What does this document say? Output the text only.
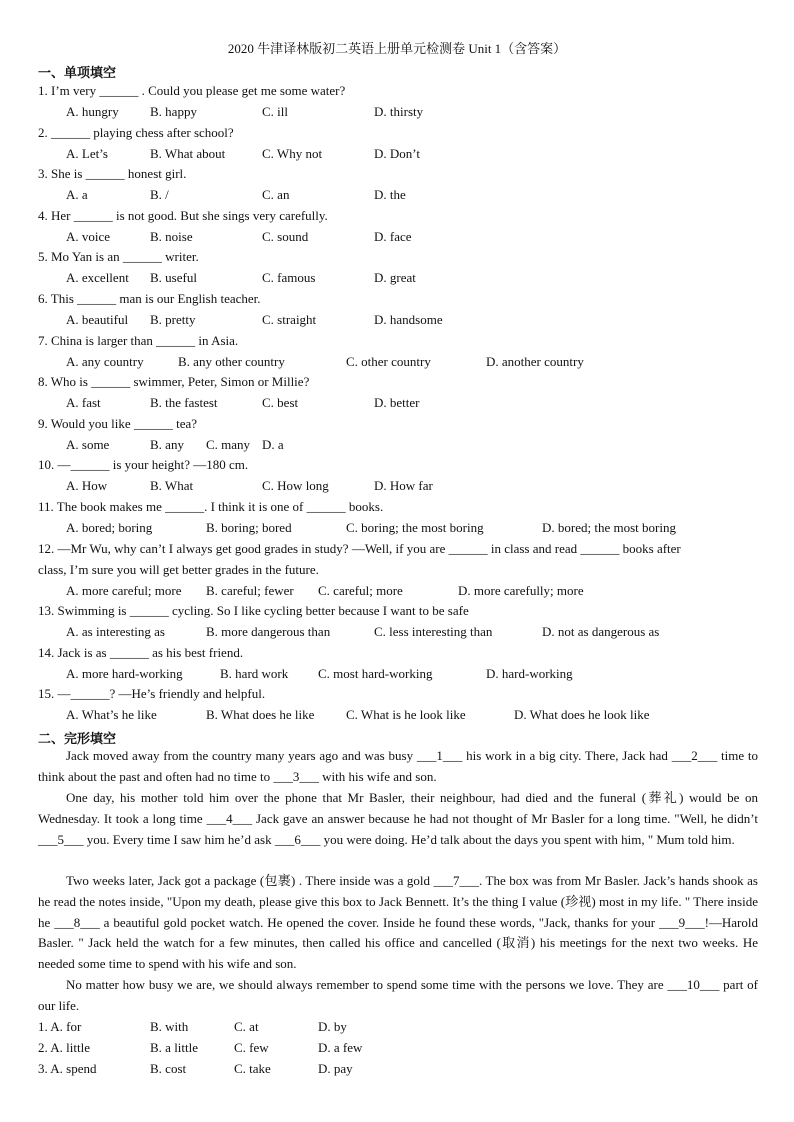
2020 牛津译林版初二英语上册单元检测卷 Unit 1（含答案）
一、单项填空
1. I’m very ______ . Could you please get me some water?
A. hungry B. happy	C. ill	D. thirsty
2. ______ playing chess after school?
A. Let’s	B. What about	C. Why not	D. Don’t
3. She is ______ honest girl.
A. a	B. /	C. an	D. the
4. Her ______ is not good. But she sings very carefully.
A. voice	B. noise	C. sound	D. face
5. Mo Yan is an ______ writer.
A. excellent B. useful	C. famous	D. great
6. This ______ man is our English teacher.
A. beautiful B. pretty	C. straight	D. handsome
7. China is larger than ______ in Asia.
A. any country	B. any other country	C. other country	D. another country
8. Who is ______ swimmer, Peter, Simon or Millie?
A. fast	B. the fastest	C. best	D. better
9. Would you like ______ tea?
A. some	B. any C. many D. a
10. —______ is your height? —180 cm.
A. How	B. What	C. How long	D. How far
11. The book makes me ______. I think it is one of ______ books.
A. bored; boring	B. boring; bored	C. boring; the most boring	D. bored; the most boring
12. —Mr Wu, why can’t I always get good grades in study? —Well, if you are ______ in class and read ______ books after
class, I’m sure you will get better grades in the future.
A. more careful; more B. careful; fewer C. careful; more	D. more carefully; more
13. Swimming is ______ cycling. So I like cycling better because I want to be safe
A. as interesting as	B. more dangerous than	C. less interesting than	D. not as dangerous as
14. Jack is as ______ as his best friend.
A. more hard-working	B. hard work C. most hard-working	D. hard-working
15. —______? —He’s friendly and helpful.
A. What’s he like	B. What does he like C. What is he look like	D. What does he look like
二、完形填空

Jack moved away from the country many years ago and was busy ___1___ his work in a big city. There, Jack had ___2___ time to think about the past and often had no time to ___3___ with his wife and son.

One day, his mother told him over the phone that Mr Basler, their neighbour, had died and the funeral (葬礼) would be on Wednesday. It took a long time ___4___ Jack gave an answer because he had not thought of Mr Basler for a long time. "Well, he didn’t ___5___ you. Every time I saw him he’d ask ___6___ you were doing. He’d talk about the days you spent with him, " Mum told him.

Two weeks later, Jack got a package (包裹) . There inside was a gold ___7___. The box was from Mr Basler. Jack’s hands shook as he read the notes inside, "Upon my death, please give this box to Jack Bennett. It’s the thing I value (珍视) most in my life. " There inside he ___8___ a beautiful gold pocket watch. He opened the cover. Inside he found these words, "Jack, thanks for your ___9___!—Harold Basler. " Jack held the watch for a few minutes, then called his office and cancelled (取消) his meetings for the next two weeks. He needed some time to spend with his wife and son.

No matter how busy we are, we should always remember to spend some time with the persons we love. They are ___10___ part of our life.

1. A. for	B. with	C. at	D. by
2. A. little	B. a little	C. few	D. a few
3. A. spend	B. cost	C. take	D. pay
